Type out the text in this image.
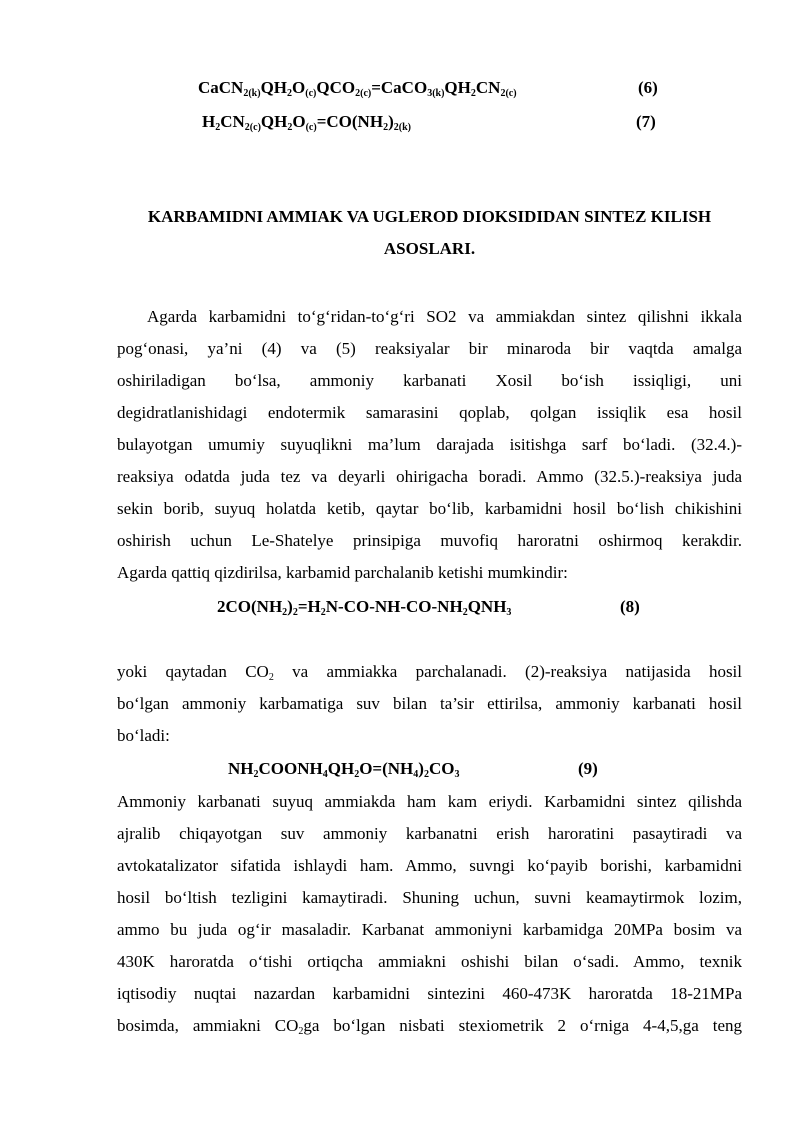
$CaCN_{2(k)}QH_2O_{(c)}QCO_{2(c)}=CaCO_{3(k)}QH_2CN_{2(c)}$	(6)
$H_2CN_{2(c)}QH_2O_{(c)}=CO(NH_2)_{2(k)}$	(7)
KARBAMIDNI AMMIAK VA UGLEROD DIOKSIDIDAN SINTEZ KILISH
ASOSLARI.
Agarda karbamidni to‘g‘ridan-to‘g‘ri SO2 va ammiakdan sintez qilishni ikkala
pog‘onasi, ya’ni (4) va (5) reaksiyalar bir minaroda bir vaqtda amalga
oshiriladigan bo‘lsa, ammoniy karbanati Xosil bo‘ish issiqligi, uni
degidratlanishidagi endotermik samarasini qoplab, qolgan issiqlik esa hosil
bulayotgan umumiy suyuqlikni ma’lum darajada isitishga sarf bo‘ladi. (32.4.)-
reaksiya odatda juda tez va deyarli ohirigacha boradi. Ammo (32.5.)-reaksiya juda
sekin borib, suyuq holatda ketib, qaytar bo‘lib, karbamidni hosil bo‘lish chikishini
oshirish uchun Le-Shatelye prinsipiga muvofiq haroratni oshirmoq kerakdir.
Agarda qattiq qizdirilsa, karbamid parchalanib ketishi mumkindir:
$2CO(NH_2)_2=H_2N-CO-NH-CO-NH_2QNH_3$	(8)
yoki qaytadan $CO_2$ va ammiakka parchalanadi. (2)-reaksiya natijasida hosil
bo‘lgan ammoniy karbamatiga suv bilan ta’sir ettirilsa, ammoniy karbanati hosil
bo‘ladi:
$NH_2COONH_4QH_2O=(NH_4)_2CO_3$	(9)
Ammoniy karbanati suyuq ammiakda ham kam eriydi. Karbamidni sintez qilishda
ajralib chiqayotgan suv ammoniy karbanatni erish haroratini pasaytiradi va
avtokatalizator sifatida ishlaydi ham. Ammo, suvngi ko‘payib borishi, karbamidni
hosil bo‘ltish tezligini kamaytiradi. Shuning uchun, suvni keamaytirmok lozim,
ammo bu juda og‘ir masaladir. Karbanat ammoniyni karbamidga 20MPa bosim va
430K haroratda o‘tishi ortiqcha ammiakni oshishi bilan o‘sadi. Ammo, texnik
iqtisodiy nuqtai nazardan karbamidni sintezini 460-473K haroratda 18-21MPa
bosimda, ammiakni $CO_2ga$ bo‘lgan nisbati stexiometrik 2 o‘rniga 4-4,5,ga teng
